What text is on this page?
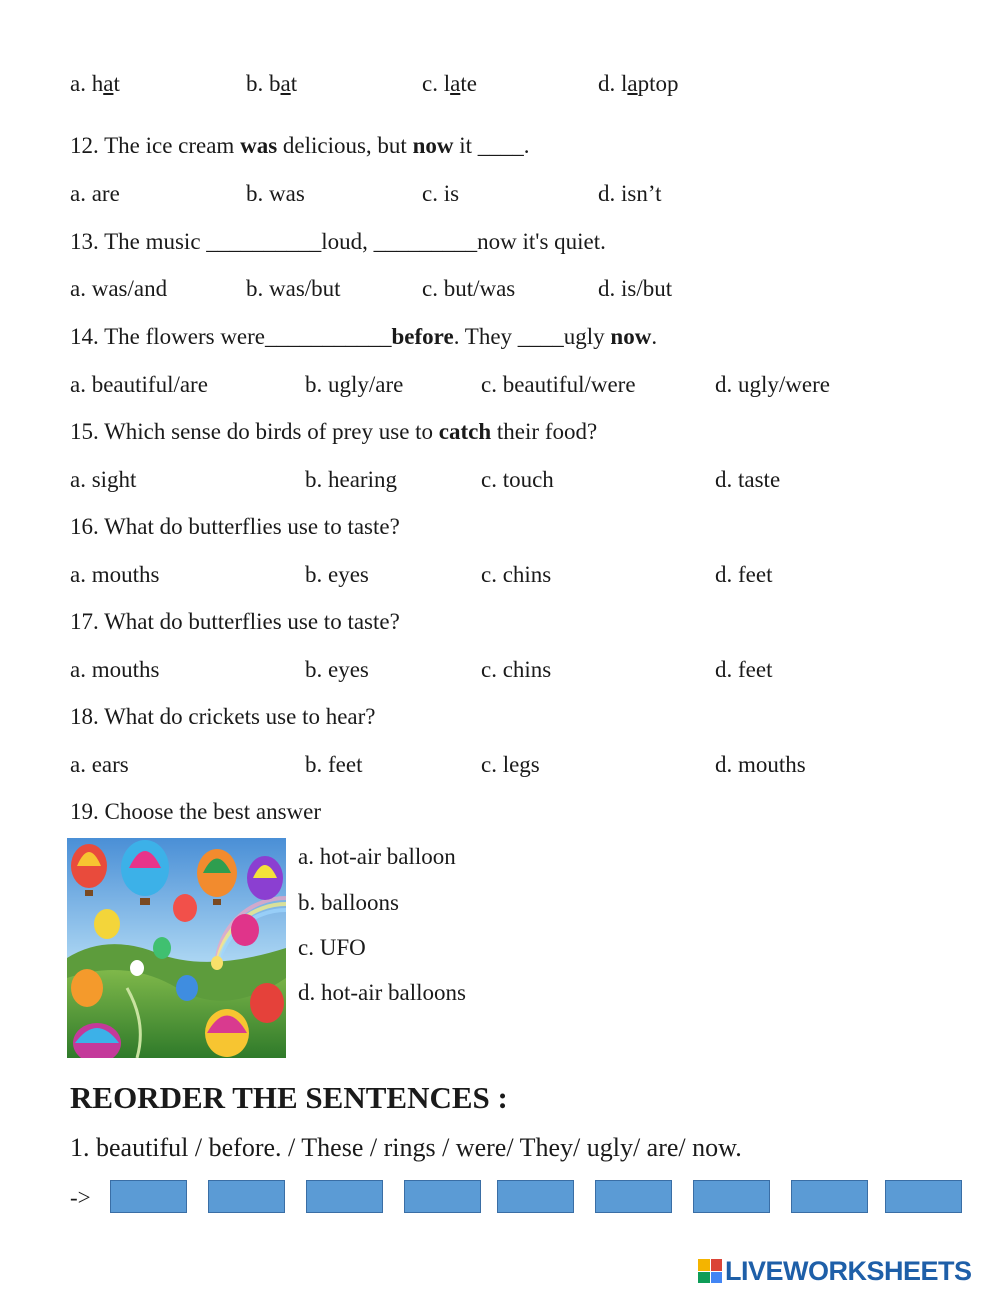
a. hat	b. bat	c. late	d. laptop
12. The ice cream was delicious, but now it ____.
a. are	b. was	c. is	d. isn’t
13. The music __________loud, _________now it's quiet.
a. was/and	b. was/but	c. but/was	d. is/but
14. The flowers were___________before. They ____ugly now.
a. beautiful/are	b. ugly/are	c. beautiful/were	d. ugly/were
15. Which sense do birds of prey use to catch their food?
a. sight	b. hearing	c. touch	d. taste
16. What do butterflies use to taste?
a. mouths	b. eyes	c. chins	d. feet
17. What do butterflies use to taste?
a. mouths	b. eyes	c. chins	d. feet
18. What do crickets use to hear?
a. ears	b. feet	c. legs	d. mouths
19. Choose the best answer
a. hot-air balloon
b. balloons
c. UFO
d. hot-air balloons
REORDER THE SENTENCES :
1. beautiful / before. / These / rings / were/ They/ ugly/ are/ now.
->
LIVEWORKSHEETS
